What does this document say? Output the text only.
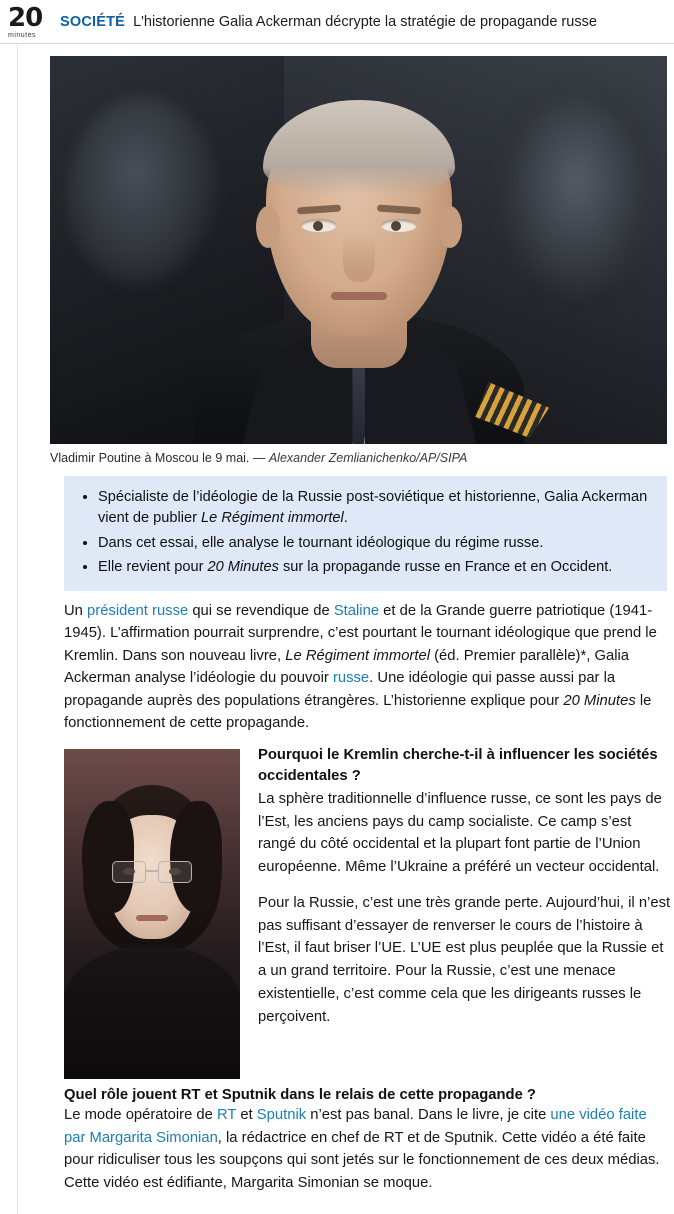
20
minutes
SOCIÉTÉ L'historienne Galia Ackerman décrypte la stratégie de propagande russe
Vladimir Poutine à Moscou le 9 mai. — Alexander Zemlianichenko/AP/SIPA
• Spécialiste de l’idéologie de la Russie post-soviétique et historienne, Galia Ackerman vient de publier Le Régiment immortel.
• Dans cet essai, elle analyse le tournant idéologique du régime russe.
• Elle revient pour 20 Minutes sur la propagande russe en France et en Occident.

Un président russe qui se revendique de Staline et de la Grande guerre patriotique (1941-1945). L’affirmation pourrait surprendre, c’est pourtant le tournant idéologique que prend le Kremlin. Dans son nouveau livre, Le Régiment immortel (éd. Premier parallèle)*, Galia Ackerman analyse l’idéologie du pouvoir russe. Une idéologie qui passe aussi par la propagande auprès des populations étrangères. L’historienne explique pour 20 Minutes le fonctionnement de cette propagande.

Pourquoi le Kremlin cherche-t-il à influencer les sociétés occidentales ?

La sphère traditionnelle d’influence russe, ce sont les pays de l’Est, les anciens pays du camp socialiste. Ce camp s’est rangé du côté occidental et la plupart font partie de l’Union européenne. Même l’Ukraine a préféré un vecteur occidental.

Pour la Russie, c’est une très grande perte. Aujourd’hui, il n’est pas suffisant d’essayer de renverser le cours de l’histoire à l’Est, il faut briser l’UE. L’UE est plus peuplée que la Russie et a un grand territoire. Pour la Russie, c’est une menace existentielle, c’est comme cela que les dirigeants russes le perçoivent.

Quel rôle jouent RT et Sputnik dans le relais de cette propagande ?
Le mode opératoire de RT et Sputnik n’est pas banal. Dans le livre, je cite une vidéo faite par Margarita Simonian, la rédactrice en chef de RT et de Sputnik. Cette vidéo a été faite pour ridiculiser tous les soupçons qui sont jetés sur le fonctionnement de ces deux médias. Cette vidéo est édifiante, Margarita Simonian se moque.
